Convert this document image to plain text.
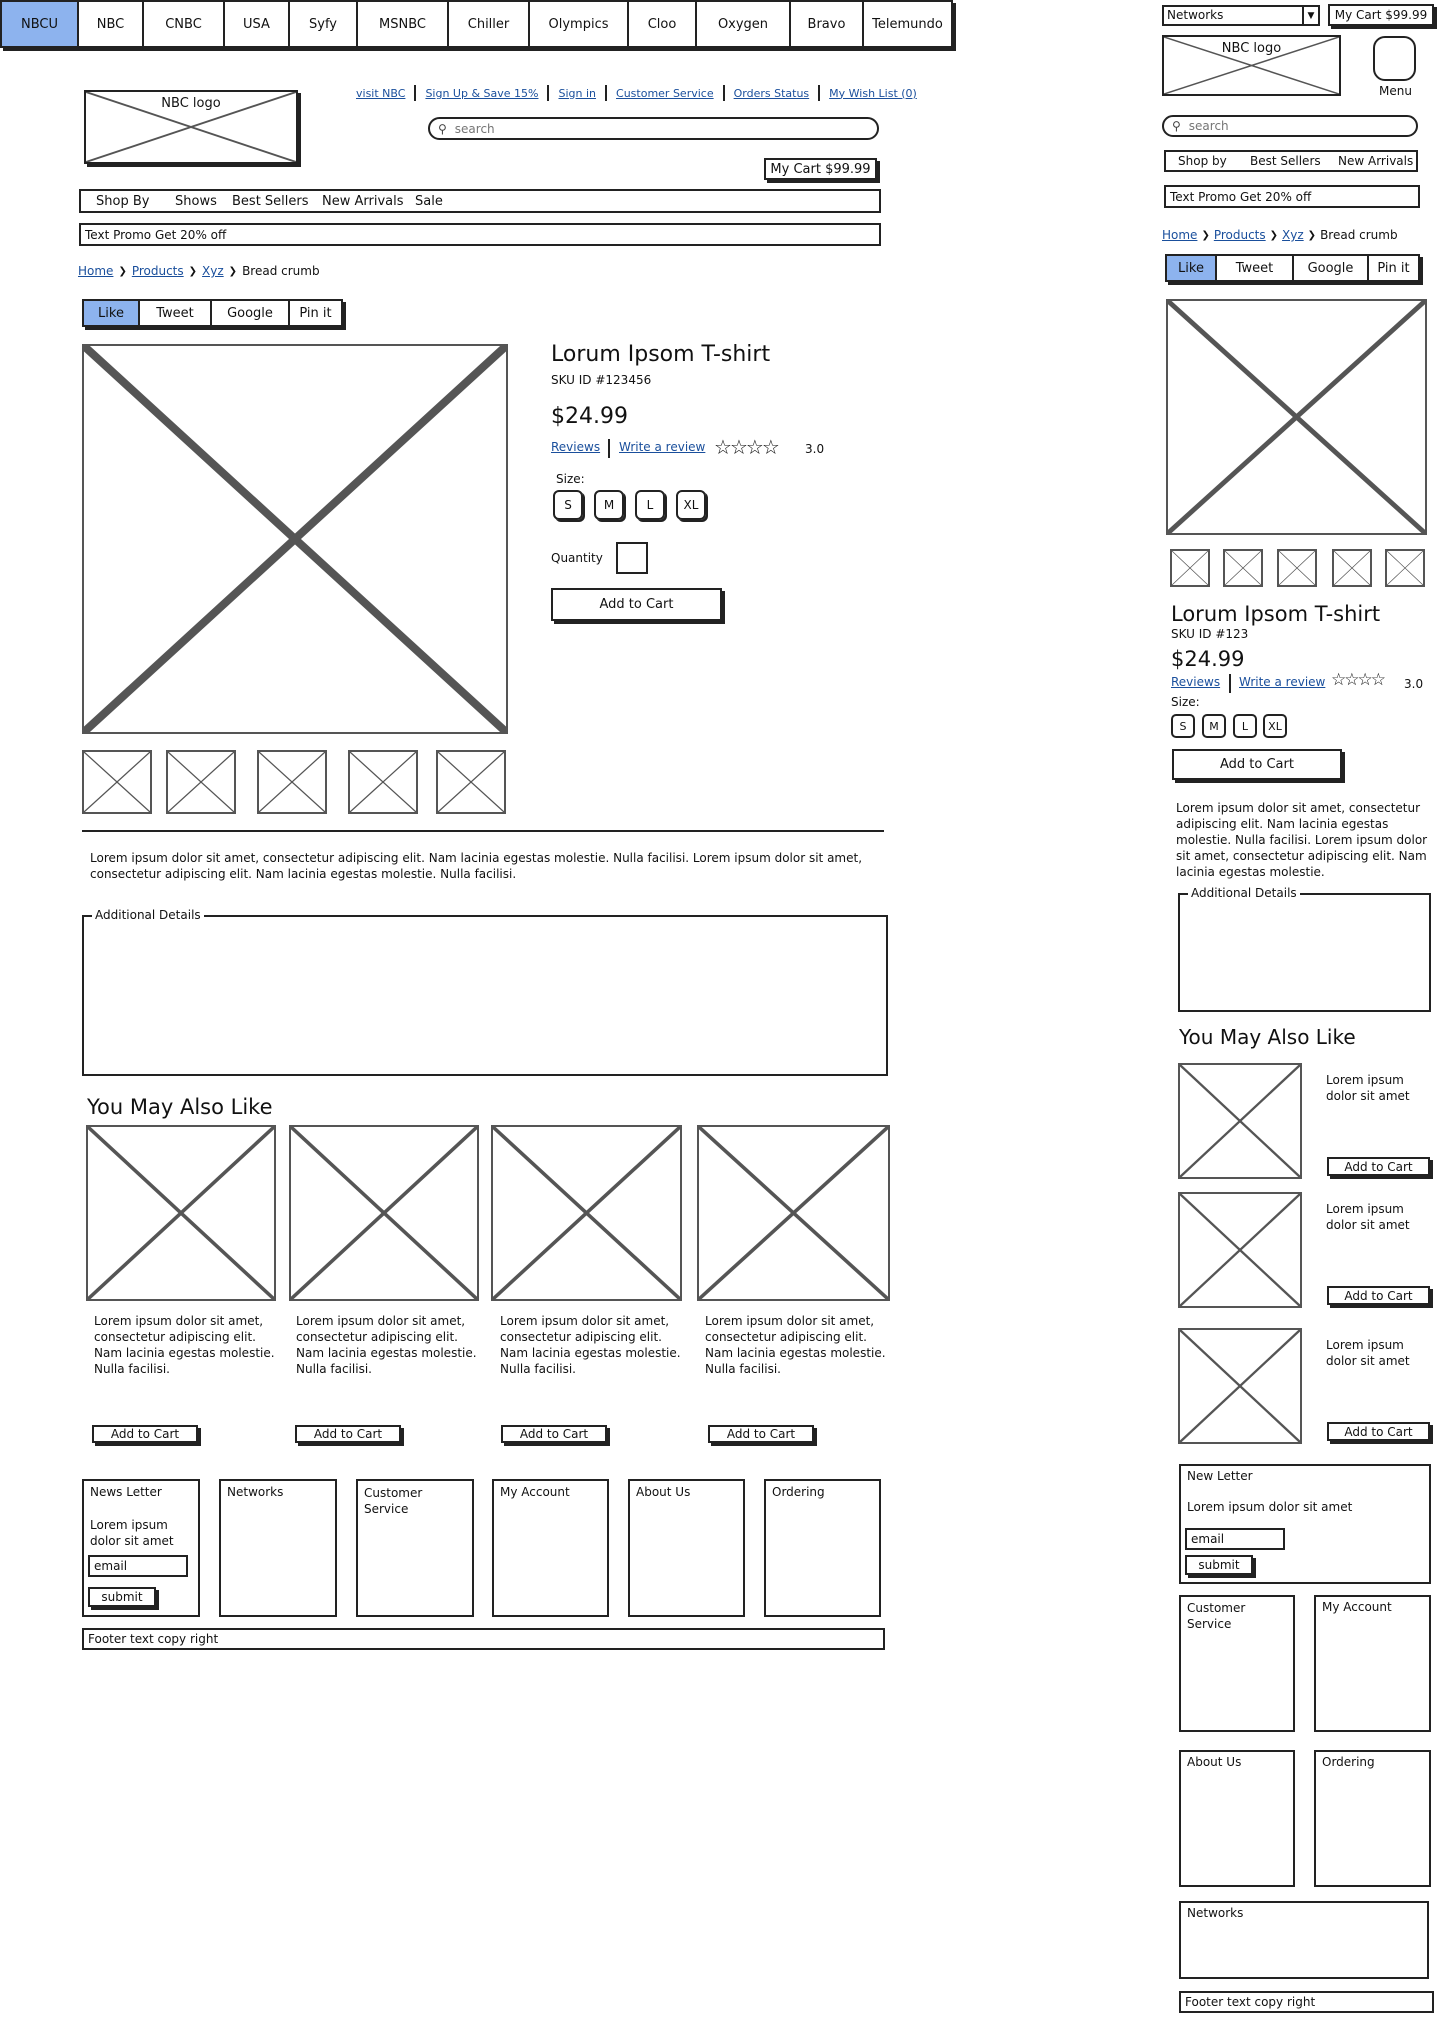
NBCU	NBC	CNBC	USA	Syfy	MSNBC	Chiller	Olympics	Cloo	Oxygen	Bravo	Telemundo
NBC logo
visit NBC Sign Up & Save 15% Sign in Customer Service Orders Status My Wish List (0)
⚲
search
My Cart $99.99
Shop By Shows Best Sellers New Arrivals Sale
Text Promo Get 20% off
Home ❯ Products ❯ Xyz ❯ Bread crumb
Like	Tweet	Google	Pin it
Lorum Ipsom T-shirt
SKU ID #123456
$24.99
Reviews Write a review ☆☆☆☆ 3.0
Size:
S	M	L	XL
Quantity
Add to Cart
Lorem ipsum dolor sit amet, consectetur adipiscing elit. Nam lacinia egestas molestie. Nulla facilisi. Lorem ipsum dolor sit amet, consectetur adipiscing elit. Nam lacinia egestas molestie. Nulla facilisi.
Additional Details
You May Also Like
Lorem ipsum dolor sit amet, consectetur adipiscing elit. Nam lacinia egestas molestie. Nulla facilisi.
Lorem ipsum dolor sit amet, consectetur adipiscing elit. Nam lacinia egestas molestie. Nulla facilisi.
Lorem ipsum dolor sit amet, consectetur adipiscing elit. Nam lacinia egestas molestie. Nulla facilisi.
Lorem ipsum dolor sit amet, consectetur adipiscing elit. Nam lacinia egestas molestie. Nulla facilisi.
Add to Cart	Add to Cart	Add to Cart	Add to Cart
News Letter
Lorem ipsum dolor sit amet
email
submit
Networks	Customer Service
My Account	About Us	Ordering
Footer text copy right
Networks	▼	My Cart $99.99
NBC logo
Menu
⚲
search
Shop by Best Sellers New Arrivals
Text Promo Get 20% off
Home ❯ Products ❯ Xyz ❯ Bread crumb
Like	Tweet	Google	Pin it
Lorum Ipsom T-shirt
SKU ID #123
$24.99
Reviews Write a review ☆☆☆☆ 3.0
Size:
S	M	L	XL
Add to Cart
Lorem ipsum dolor sit amet, consectetur adipiscing elit. Nam lacinia egestas molestie. Nulla facilisi. Lorem ipsum dolor sit amet, consectetur adipiscing elit. Nam lacinia egestas molestie.
Additional Details
You May Also Like
Lorem ipsum dolor sit amet
Add to Cart
Lorem ipsum dolor sit amet
Add to Cart
Lorem ipsum dolor sit amet
Add to Cart
New Letter
Lorem ipsum dolor sit amet
email
submit
Customer Service
My Account
About Us	Ordering
Networks
Footer text copy right
